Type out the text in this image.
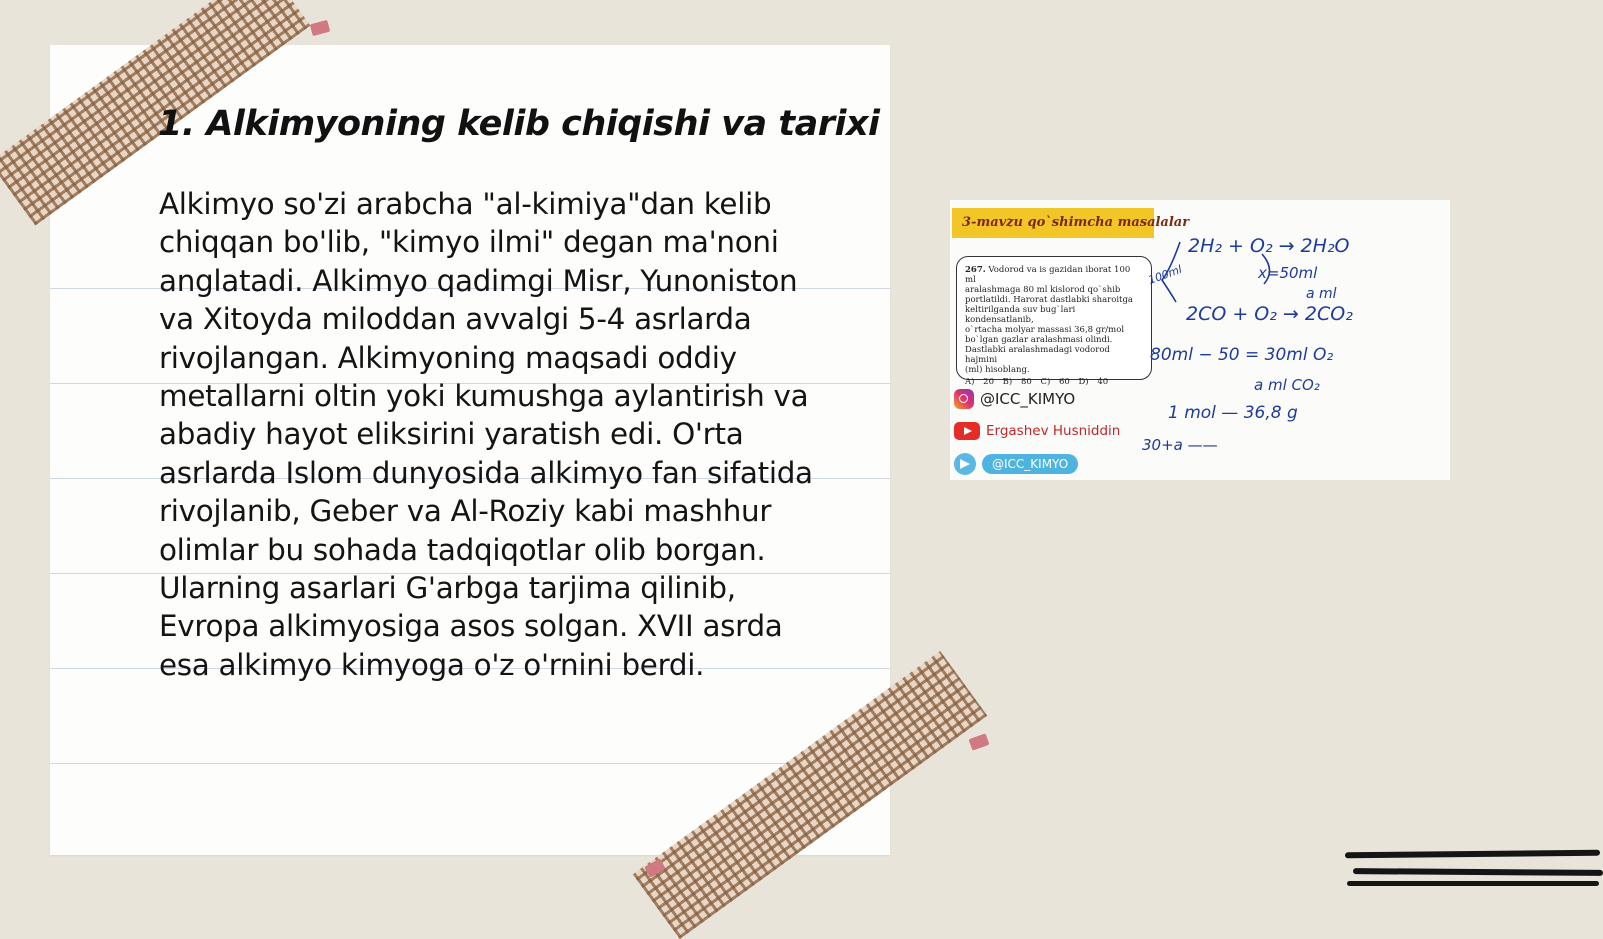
1. Alkimyoning kelib chiqishi va tarixi

Alkimyo so'zi arabcha "al-kimiya"dan kelib
chiqqan bo'lib, "kimyo ilmi" degan ma'noni
anglatadi. Alkimyo qadimgi Misr, Yunoniston
va Xitoyda miloddan avvalgi 5-4 asrlarda
rivojlangan. Alkimyoning maqsadi oddiy
metallarni oltin yoki kumushga aylantirish va
abadiy hayot eliksirini yaratish edi. O'rta
asrlarda Islom dunyosida alkimyo fan sifatida
rivojlanib, Geber va Al-Roziy kabi mashhur
olimlar bu sohada tadqiqotlar olib borgan.
Ularning asarlari G'arbga tarjima qilinib,
Evropa alkimyosiga asos solgan. XVII asrda
esa alkimyo kimyoga o'z o'rnini berdi.

3-mavzu qo`shimcha masalalar
267. Vodorod va is gazidan iborat 100 ml
aralashmaga 80 ml kislorod qo`shib
portlatildi. Harorat dastlabki sharoitga
keltirilganda suv bug`lari kondensatlanib,
o`rtacha molyar massasi 36,8 gr/mol
bo`lgan gazlar aralashmasi olindi.
Dastlabki aralashmadagi vodorod hajmini
(ml) hisoblang.
A) 20 B) 80 C) 60 D) 40
@ICC_KIMYO
Ergashev Husniddin
@ICC_KIMYO
2H₂ + O₂ → 2H₂O
100ml	x=50ml
a ml
2CO + O₂ → 2CO₂
80ml − 50 = 30ml O₂
a ml CO₂
1 mol — 36,8 g
30+a ——
